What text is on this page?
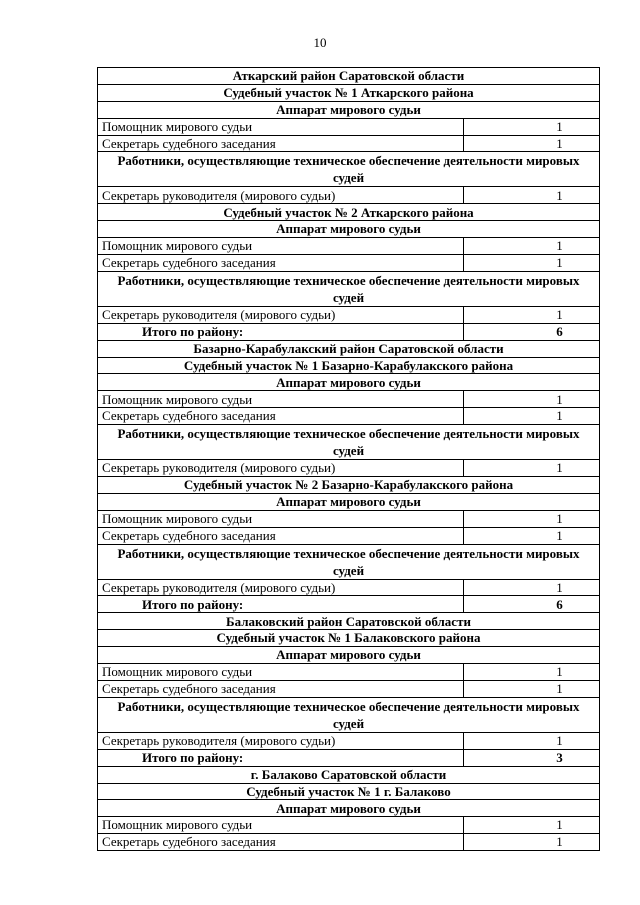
10
Аткарский район Саратовской области	
Судебный участок № 1 Аткарского района	
Аппарат мирового судьи	
Помощник мирового судьи	1
Секретарь судебного заседания	1
Работники, осуществляющие техническое обеспечение деятельности мировых судей	
Секретарь руководителя (мирового судьи)	1
Судебный участок № 2 Аткарского района	
Аппарат мирового судьи	
Помощник мирового судьи	1
Секретарь судебного заседания	1
Работники, осуществляющие техническое обеспечение деятельности мировых судей	
Секретарь руководителя (мирового судьи)	1
Итого по району:	6
Базарно-Карабулакский район Саратовской области	
Судебный участок № 1 Базарно-Карабулакского района	
Аппарат мирового судьи	
Помощник мирового судьи	1
Секретарь судебного заседания	1
Работники, осуществляющие техническое обеспечение деятельности мировых судей	
Секретарь руководителя (мирового судьи)	1
Судебный участок № 2 Базарно-Карабулакского района	
Аппарат мирового судьи	
Помощник мирового судьи	1
Секретарь судебного заседания	1
Работники, осуществляющие техническое обеспечение деятельности мировых судей	
Секретарь руководителя (мирового судьи)	1
Итого по району:	6
Балаковский район Саратовской области	
Судебный участок № 1 Балаковского района	
Аппарат мирового судьи	
Помощник мирового судьи	1
Секретарь судебного заседания	1
Работники, осуществляющие техническое обеспечение деятельности мировых судей	
Секретарь руководителя (мирового судьи)	1
Итого по району:	3
г. Балаково Саратовской области	
Судебный участок № 1 г. Балаково	
Аппарат мирового судьи	
Помощник мирового судьи	1
Секретарь судебного заседания	1
